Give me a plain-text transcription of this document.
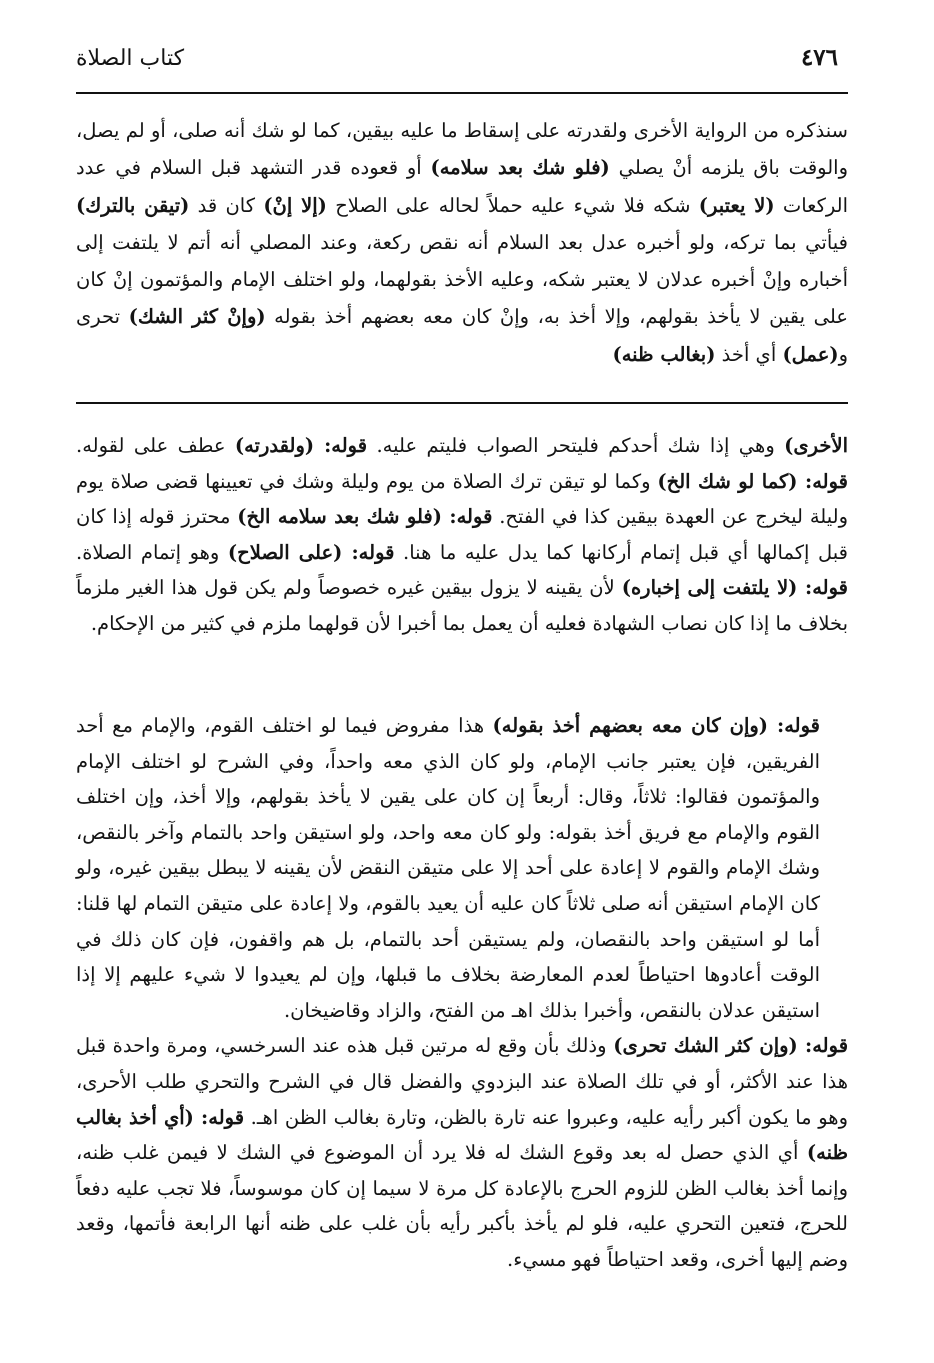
٤٧٦
كتاب الصلاة

سنذكره من الرواية الأخرى ولقدرته على إسقاط ما عليه بيقين، كما لو شك أنه صلى، أو لم يصل، والوقت باق يلزمه أنْ يصلي (فلو شك بعد سلامه) أو قعوده قدر التشهد قبل السلام في عدد الركعات (لا يعتبر) شكه فلا شيء عليه حملاً لحاله على الصلاح (إلا إنْ) كان قد (تيقن بالترك) فيأتي بما تركه، ولو أخبره عدل بعد السلام أنه نقص ركعة، وعند المصلي أنه أتم لا يلتفت إلى أخباره وإنْ أخبره عدلان لا يعتبر شكه، وعليه الأخذ بقولهما، ولو اختلف الإمام والمؤتمون إنْ كان على يقين لا يأخذ بقولهم، وإلا أخذ به، وإنْ كان معه بعضهم أخذ بقوله (وإنْ كثر الشك) تحرى و(عمل) أي أخذ (بغالب ظنه)

الأخرى) وهي إذا شك أحدكم فليتحر الصواب فليتم عليه. قوله: (ولقدرته) عطف على لقوله. قوله: (كما لو شك الخ) وكما لو تيقن ترك الصلاة من يوم وليلة وشك في تعيينها قضى صلاة يوم وليلة ليخرج عن العهدة بيقين كذا في الفتح. قوله: (فلو شك بعد سلامه الخ) محترز قوله إذا كان قبل إكمالها أي قبل إتمام أركانها كما يدل عليه ما هنا. قوله: (على الصلاح) وهو إتمام الصلاة. قوله: (لا يلتفت إلى إخباره) لأن يقينه لا يزول بيقين غيره خصوصاً ولم يكن قول هذا الغير ملزماً بخلاف ما إذا كان نصاب الشهادة فعليه أن يعمل بما أخبرا لأن قولهما ملزم في كثير من الإحكام.

قوله: (وإن كان معه بعضهم أخذ بقوله) هذا مفروض فيما لو اختلف القوم، والإمام مع أحد الفريقين، فإن يعتبر جانب الإمام، ولو كان الذي معه واحداً، وفي الشرح لو اختلف الإمام والمؤتمون فقالوا: ثلاثاً، وقال: أربعاً إن كان على يقين لا يأخذ بقولهم، وإلا أخذ، وإن اختلف القوم والإمام مع فريق أخذ بقوله: ولو كان معه واحد، ولو استيقن واحد بالتمام وآخر بالنقص، وشك الإمام والقوم لا إعادة على أحد إلا على متيقن النقض لأن يقينه لا يبطل بيقين غيره، ولو كان الإمام استيقن أنه صلى ثلاثاً كان عليه أن يعيد بالقوم، ولا إعادة على متيقن التمام لها قلنا: أما لو استيقن واحد بالنقصان، ولم يستيقن أحد بالتمام، بل هم واقفون، فإن كان ذلك في الوقت أعادوها احتياطاً لعدم المعارضة بخلاف ما قبلها، وإن لم يعيدوا لا شيء عليهم إلا إذا استيقن عدلان بالنقص، وأخبرا بذلك اهـ من الفتح، والزاد وقاضيخان.

قوله: (وإن كثر الشك تحرى) وذلك بأن وقع له مرتين قبل هذه عند السرخسي، ومرة واحدة قبل هذا عند الأكثر، أو في تلك الصلاة عند البزدوي والفضل قال في الشرح والتحري طلب الأحرى، وهو ما يكون أكبر رأيه عليه، وعبروا عنه تارة بالظن، وتارة بغالب الظن اهـ. قوله: (أي أخذ بغالب ظنه) أي الذي حصل له بعد وقوع الشك له فلا يرد أن الموضوع في الشك لا فيمن غلب ظنه، وإنما أخذ بغالب الظن للزوم الحرج بالإعادة كل مرة لا سيما إن كان موسوساً، فلا تجب عليه دفعاً للحرج، فتعين التحري عليه، فلو لم يأخذ بأكبر رأيه بأن غلب على ظنه أنها الرابعة فأتمها، وقعد وضم إليها أخرى، وقعد احتياطاً فهو مسيء.
